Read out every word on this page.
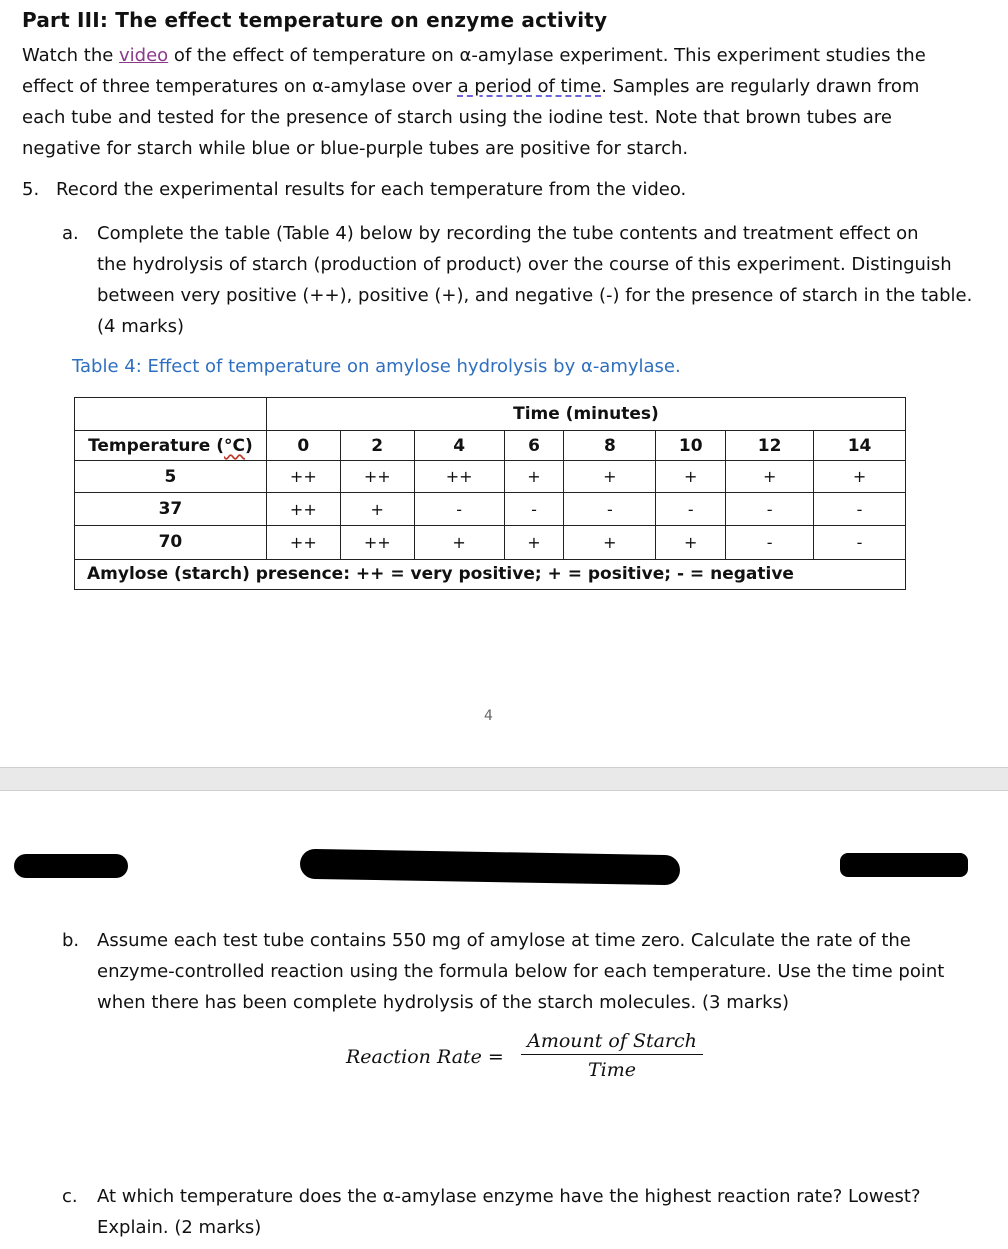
Part III: The effect temperature on enzyme activity
Watch the video of the effect of temperature on α-amylase experiment. This experiment studies the
effect of three temperatures on α-amylase over a period of time. Samples are regularly drawn from
each tube and tested for the presence of starch using the iodine test. Note that brown tubes are
negative for starch while blue or blue-purple tubes are positive for starch.
5. Record the experimental results for each temperature from the video.
a. Complete the table (Table 4) below by recording the tube contents and treatment effect on
the hydrolysis of starch (production of product) over the course of this experiment. Distinguish
between very positive (++), positive (+), and negative (-) for the presence of starch in the table.
(4 marks)
Table 4: Effect of temperature on amylose hydrolysis by α-amylase.
	Time (minutes)							
Temperature (°C)	0	2	4	6	8	10	12	14
5	++	++	++	+	+	+	+	+
37	++	+	-	-	-	-	-	-
70	++	++	+	+	+	+	-	-
Amylose (starch) presence: ++ = very positive; + = positive; - = negative								
4
b. Assume each test tube contains 550 mg of amylose at time zero. Calculate the rate of the
enzyme-controlled reaction using the formula below for each temperature. Use the time point
when there has been complete hydrolysis of the starch molecules. (3 marks)
Reaction Rate =
Amount of Starch
Time
c. At which temperature does the α-amylase enzyme have the highest reaction rate? Lowest?
Explain. (2 marks)
